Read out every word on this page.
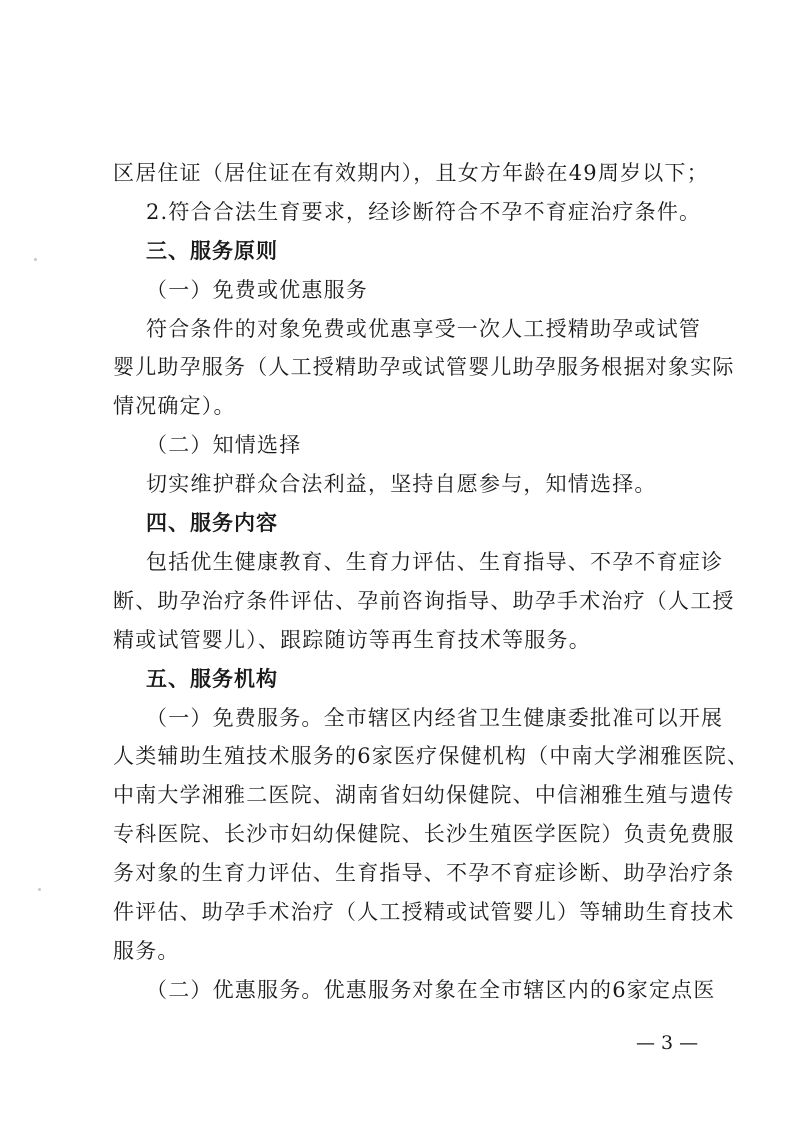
区居住证（居住证在有效期内），且女方年龄在49周岁以下；
2.符合合法生育要求，经诊断符合不孕不育症治疗条件。
三、服务原则
（一）免费或优惠服务
符合条件的对象免费或优惠享受一次人工授精助孕或试管
婴儿助孕服务（人工授精助孕或试管婴儿助孕服务根据对象实际
情况确定）。
（二）知情选择
切实维护群众合法利益，坚持自愿参与，知情选择。
四、服务内容
包括优生健康教育、生育力评估、生育指导、不孕不育症诊
断、助孕治疗条件评估、孕前咨询指导、助孕手术治疗（人工授
精或试管婴儿）、跟踪随访等再生育技术等服务。
五、服务机构
（一）免费服务。全市辖区内经省卫生健康委批准可以开展
人类辅助生殖技术服务的6家医疗保健机构（中南大学湘雅医院、
中南大学湘雅二医院、湖南省妇幼保健院、中信湘雅生殖与遗传
专科医院、长沙市妇幼保健院、长沙生殖医学医院）负责免费服
务对象的生育力评估、生育指导、不孕不育症诊断、助孕治疗条
件评估、助孕手术治疗（人工授精或试管婴儿）等辅助生育技术
服务。
（二）优惠服务。优惠服务对象在全市辖区内的6家定点医
— 3 —
